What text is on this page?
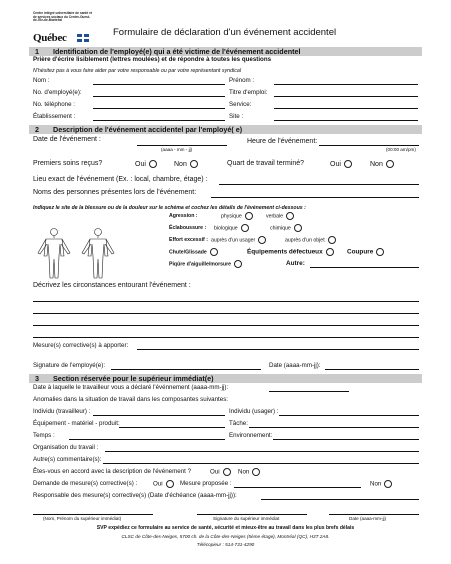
Centre intégré universitaire de santé et de services sociaux du Centre-Ouest-de-l'Île-de-Montréal
Québec	Formulaire de déclaration d'un événement accidentel
1 Identification de l'employé(e) qui a été victime de l'événement accidentel
Prière d'écrire lisiblement (lettres moulées) et de répondre à toutes les questions
N'hésitez pas à vous faire aider par votre responsable ou par votre représentant syndical
Nom :	Prénom :
No. d'employé(e):	Titre d'emploi:
No. téléphone :	Service:
Établissement :	Site :
2 Description de l'événement accidentel par l'employé( e)
Date de l'événement :
(aaaa - mm - jj)
Heure de l'événement:
(00:00 am/pm)
Premiers soins reçus?	Oui	Non	Quart de travail terminé?	Oui	Non
Lieu exact de l'événement (Ex. : local, chambre, étage) :
Noms des personnes présentes lors de l'événement:
Indiquez le site de la blessure ou de la douleur sur le schéma et cochez les détails de l'événement ci-dessous :
Agression :	physique	verbale
Éclaboussure : biologique	chimique
Effort excessif : auprès d'un usager	auprès d'un objet
Chute/Glissade	Équipements défectueux	Coupure
Piqûre d'aiguille/morsure	Autre:
Décrivez les circonstances entourant l'événement :
Mesure(s) corrective(s) à apporter:
Signature de l'employé(e):	Date (aaaa-mm-jj):
3 Section réservée pour le supérieur immédiat(e)
Date à laquelle le travailleur vous a déclaré l'événnement (aaaa-mm-jj):
Anomalies dans la situation de travail dans les composantes suivantes:
Individu (travailleur) :	Individu (usager) :
Équipement - matériel - produit:	Tâche:
Temps :	Environnement:
Organisation du travail :
Autre(s) commentaire(s):
Êtes-vous en accord avec la description de l'événement ?	Oui	Non
Demande de mesure(s) corrective(s) :	Oui	Mesure proposée :	Non
Responsable des mesure(s) corrective(s) (Date d'échéance (aaaa-mm-jj)):
(Nom, Prénom du supérieur immédiat)	Signature du supérieur immédiat	Date (aaaa-mm-jj)
SVP expédiez ce formulaire au service de santé, sécurité et mieux-être au travail dans les plus brefs délais
CLSC de Côte-des-Neiges, 5700 ch. de la Côte-des-Neiges (5ème étage), Montréal (QC), H3T 2A8.
Télécopieur : 514-731-4290
